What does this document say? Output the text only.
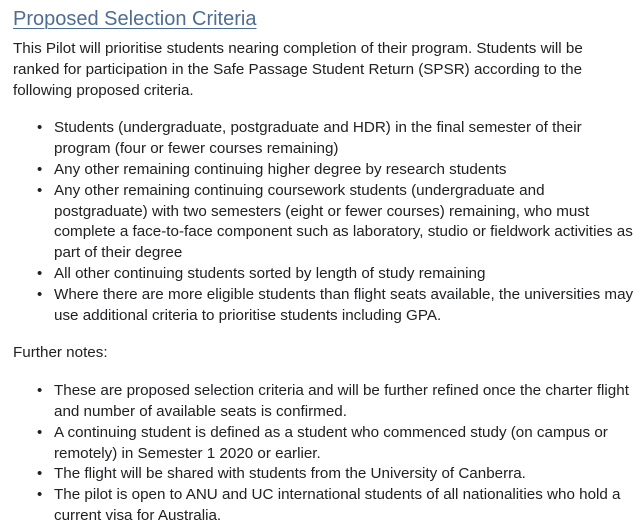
Proposed Selection Criteria

This Pilot will prioritise students nearing completion of their program. Students will be ranked for participation in the Safe Passage Student Return (SPSR) according to the following proposed criteria.

• Students (undergraduate, postgraduate and HDR) in the final semester of their program (four or fewer courses remaining)
• Any other remaining continuing higher degree by research students
• Any other remaining continuing coursework students (undergraduate and postgraduate) with two semesters (eight or fewer courses) remaining, who must complete a face-to-face component such as laboratory, studio or fieldwork activities as part of their degree
• All other continuing students sorted by length of study remaining
• Where there are more eligible students than flight seats available, the universities may use additional criteria to prioritise students including GPA.

Further notes:

• These are proposed selection criteria and will be further refined once the charter flight and number of available seats is confirmed.
• A continuing student is defined as a student who commenced study (on campus or remotely) in Semester 1 2020 or earlier.
• The flight will be shared with students from the University of Canberra.
• The pilot is open to ANU and UC international students of all nationalities who hold a current visa for Australia.
